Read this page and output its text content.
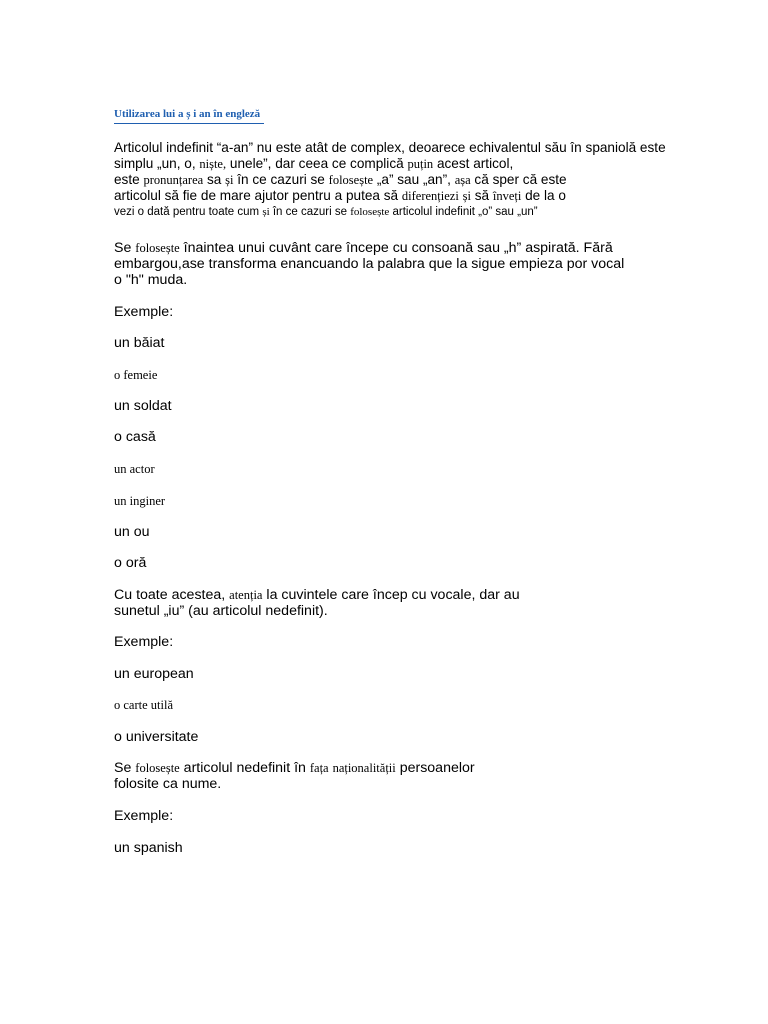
Utilizarea lui a ș i an în engleză
Articolul indefinit “a-an” nu este atât de complex, deoarece echivalentul său în spaniolă este
simplu „un, o, niște, unele”, dar ceea ce complică puțin acest articol,
este pronunțarea sa și în ce cazuri se folosește „a” sau „an”, așa că sper că este
articolul să fie de mare ajutor pentru a putea să diferențiezi și să înveți de la o
vezi o dată pentru toate cum și în ce cazuri se folosește articolul indefinit „o” sau „un”
Se folosește înaintea unui cuvânt care începe cu consoană sau „h” aspirată. Fără
embargou,ase transforma enancuando la palabra que la sigue empieza por vocal
o "h" muda.
Exemple:
un băiat
o femeie
un soldat
o casă
un actor
un inginer
un ou
o oră
Cu toate acestea, atenția la cuvintele care încep cu vocale, dar au
sunetul „iu” (au articolul nedefinit).
Exemple:
un european
o carte utilă
o universitate
Se folosește articolul nedefinit în fața naționalității persoanelor
folosite ca nume.
Exemple:
un spanish
